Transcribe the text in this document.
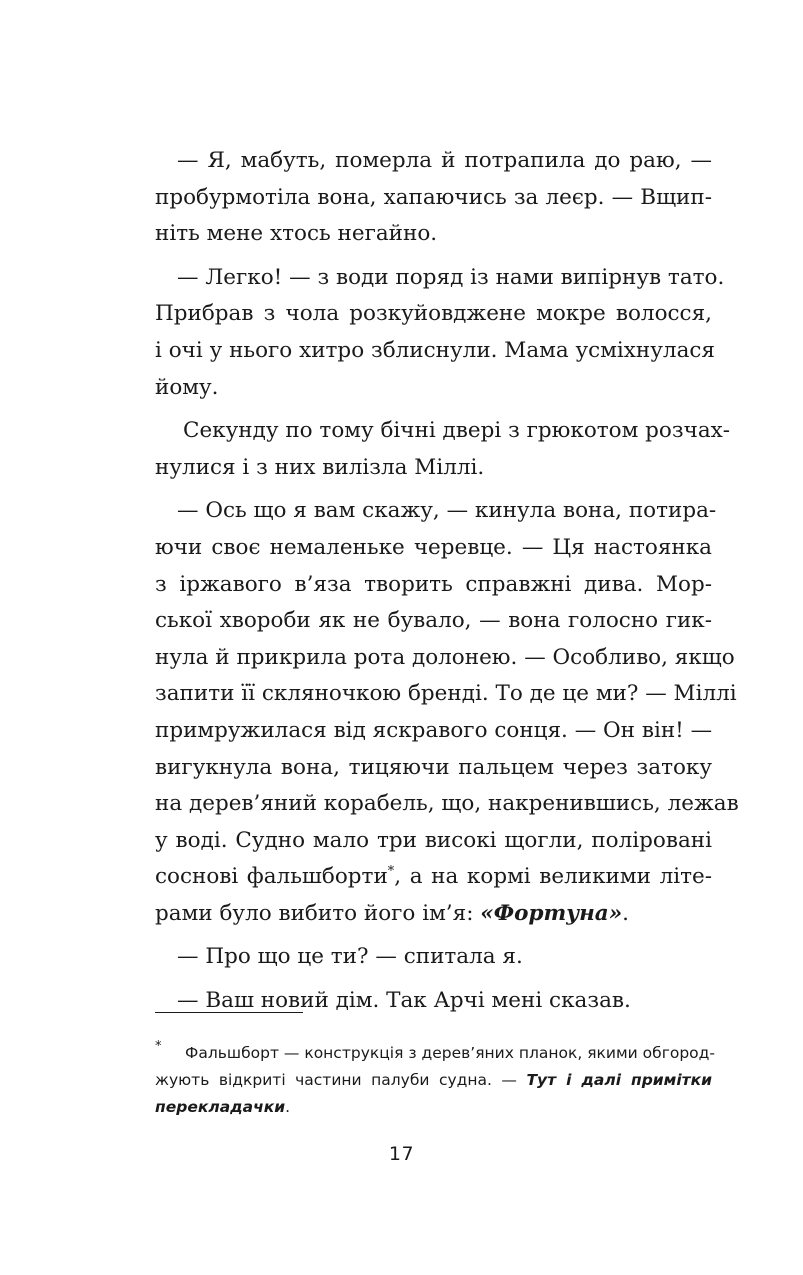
— Я, мабуть, померла й потрапила до раю, —
пробурмотіла вона, хапаючись за леєр. — Вщип-
ніть мене хтось негайно.
— Легко! — з води поряд із нами випірнув тато.
Прибрав з чола розкуйовджене мокре волосся,
і очі у нього хитро зблиснули. Мама усміхнулася
йому.
Секунду по тому бічні двері з грюкотом розчах-
нулися і з них вилізла Міллі.
— Ось що я вам скажу, — кинула вона, потира-
ючи своє немаленьке черевце. — Ця настоянка
з іржавого в’яза творить справжні дива. Мор-
ської хвороби як не бувало, — вона голосно гик-
нула й прикрила рота долонею. — Особливо, якщо
запити її скляночкою бренді. То де це ми? — Міллі
примружилася від яскравого сонця. — Он він! —
вигукнула вона, тицяючи пальцем через затоку
на дерев’яний корабель, що, накренившись, лежав
у воді. Судно мало три високі щогли, поліровані
соснові фальшборти*, а на кормі великими літе-
рами було вибито його ім’я: «Фортуна».
— Про що це ти? — спитала я.
— Ваш новий дім. Так Арчі мені сказав.
*	Фальшборт — конструкція з дерев’яних планок, якими обгород-
жують відкриті частини палуби судна. — Тут і далі примітки
перекладачки.
17
